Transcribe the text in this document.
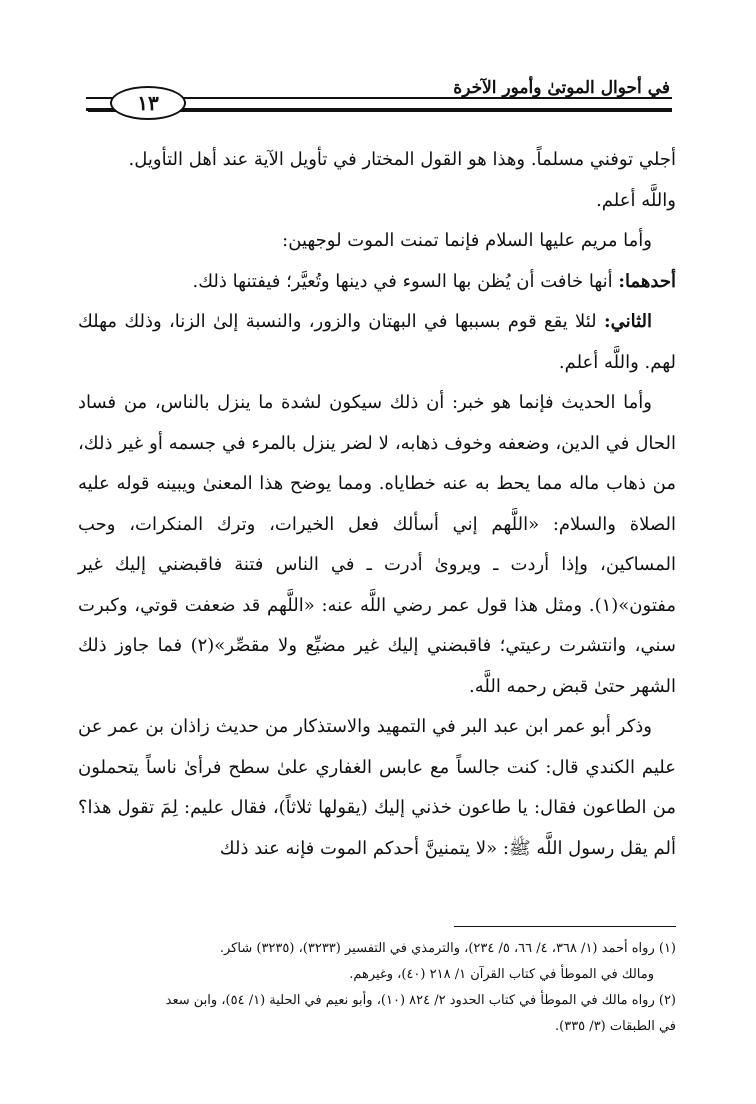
في أحوال الموتىٰ وأمور الآخرة
١٣

أجلي توفني مسلماً. وهذا هو القول المختار في تأويل الآية عند أهل التأويل.

واللَّه أعلم.

وأما مريم عليها السلام فإنما تمنت الموت لوجهين:

أحدهما: أنها خافت أن يُظن بها السوء في دينها وتُعيَّر؛ فيفتنها ذلك.

الثاني: لئلا يقع قوم بسببها في البهتان والزور، والنسبة إلىٰ الزنا، وذلك مهلك لهم. واللَّه أعلم.

وأما الحديث فإنما هو خبر: أن ذلك سيكون لشدة ما ينزل بالناس، من فساد الحال في الدين، وضعفه وخوف ذهابه، لا لضر ينزل بالمرء في جسمه أو غير ذلك، من ذهاب ماله مما يحط به عنه خطاياه. ومما يوضح هذا المعنىٰ ويبينه قوله عليه الصلاة والسلام: «اللَّهم إني أسألك فعل الخيرات، وترك المنكرات، وحب المساكين، وإذا أردت ـ ويروىٰ أدرت ـ في الناس فتنة فاقبضني إليك غير مفتون»(١). ومثل هذا قول عمر رضي اللَّه عنه: «اللَّهم قد ضعفت قوتي، وكبرت سني، وانتشرت رعيتي؛ فاقبضني إليك غير مضيِّع ولا مقصِّر»(٢) فما جاوز ذلك الشهر حتىٰ قبض رحمه اللَّه.

وذكر أبو عمر ابن عبد البر في التمهيد والاستذكار من حديث زاذان بن عمر عن عليم الكندي قال: كنت جالساً مع عابس الغفاري علىٰ سطح فرأىٰ ناساً يتحملون من الطاعون فقال: يا طاعون خذني إليك (يقولها ثلاثاً)، فقال عليم: لِمَ تقول هذا؟ ألم يقل رسول اللَّه ﷺ: «لا يتمنينَّ أحدكم الموت فإنه عند ذلك

(١) رواه أحمد (١/ ٣٦٨، ٤/ ٦٦، ٥/ ٢٣٤)، والترمذي في التفسير (٣٢٣٣)، (٣٢٣٥) شاكر.

ومالك في الموطأ في كتاب القرآن ١/ ٢١٨ (٤٠)، وغيرهم.

(٢) رواه مالك في الموطأ في كتاب الحدود ٢/ ٨٢٤ (١٠)، وأبو نعيم في الحلية (١/ ٥٤)، وابن سعد

في الطبقات (٣/ ٣٣٥).
